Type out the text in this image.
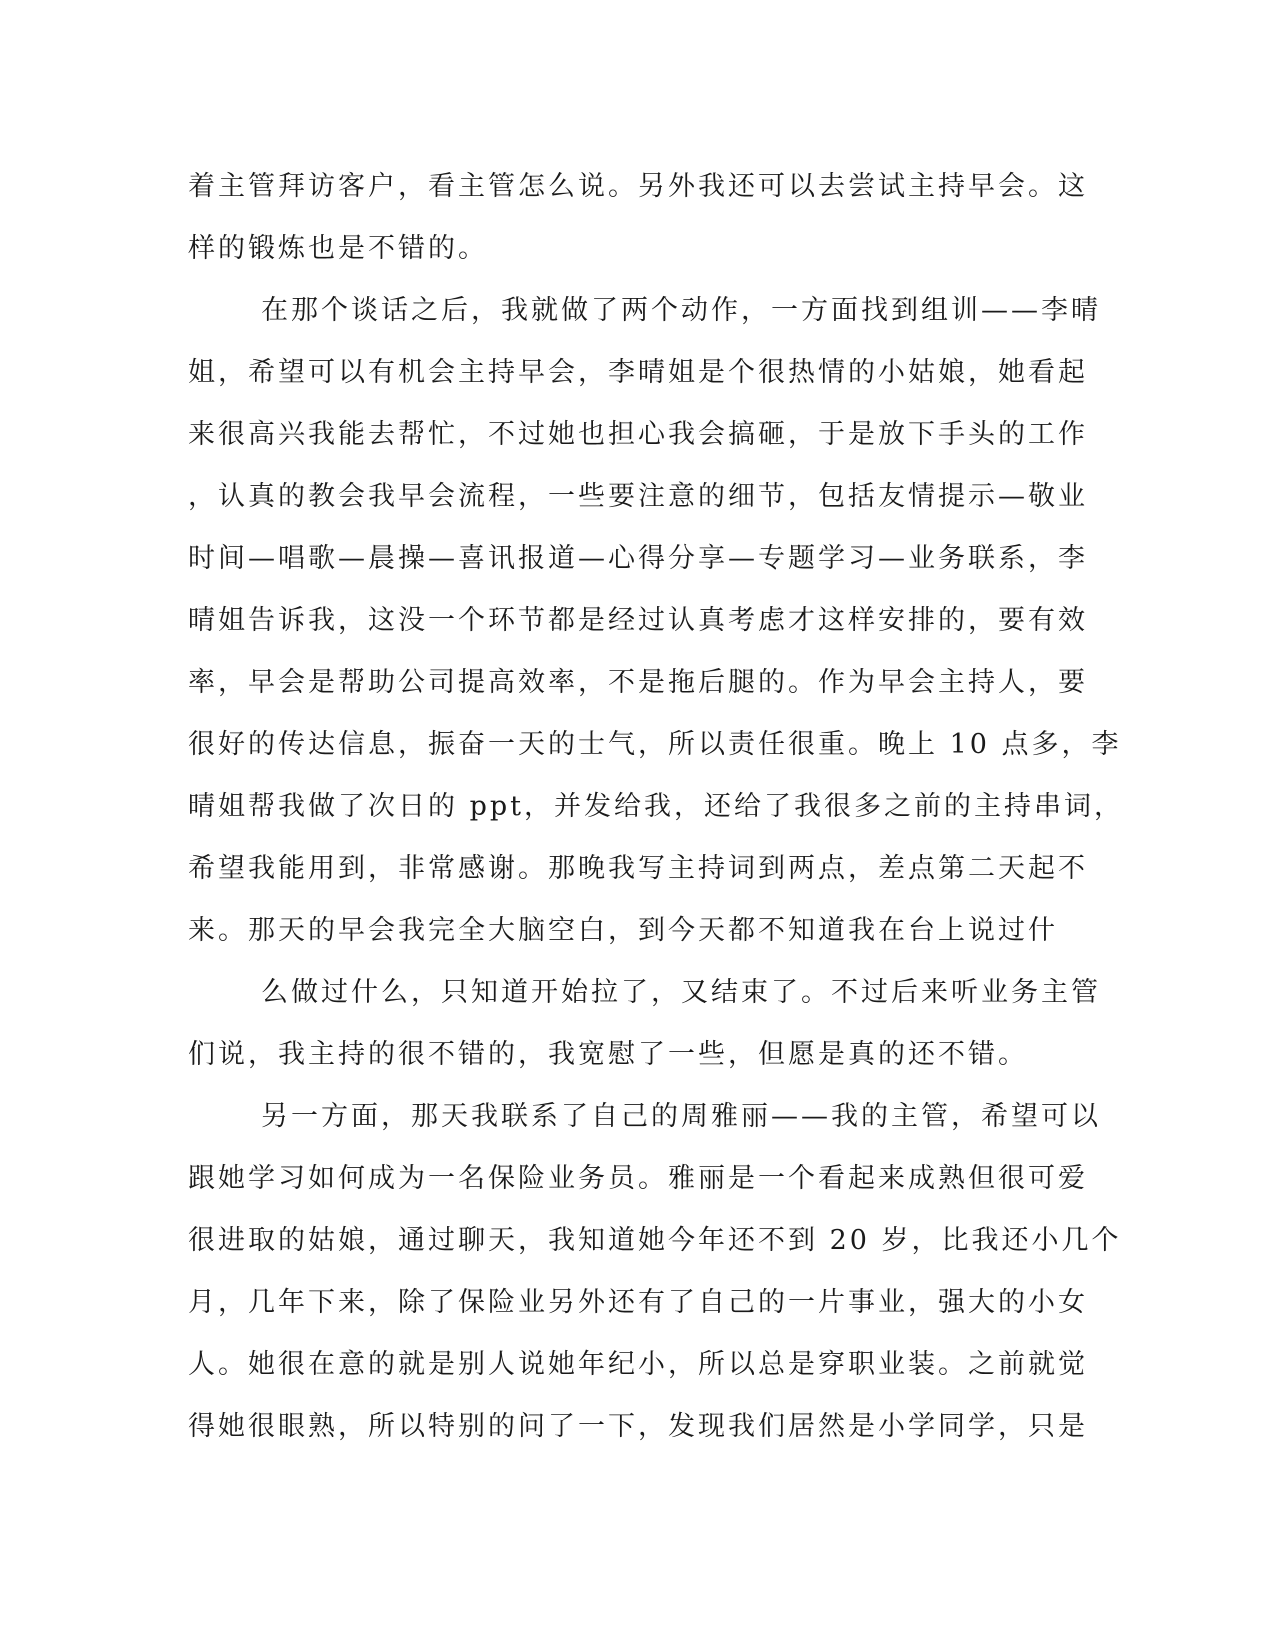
着主管拜访客户，看主管怎么说。另外我还可以去尝试主持早会。这
样的锻炼也是不错的。
在那个谈话之后，我就做了两个动作，一方面找到组训——李晴
姐，希望可以有机会主持早会，李晴姐是个很热情的小姑娘，她看起
来很高兴我能去帮忙，不过她也担心我会搞砸，于是放下手头的工作
，认真的教会我早会流程，一些要注意的细节，包括友情提示—敬业
时间—唱歌—晨操—喜讯报道—心得分享—专题学习—业务联系，李
晴姐告诉我，这没一个环节都是经过认真考虑才这样安排的，要有效
率，早会是帮助公司提高效率，不是拖后腿的。作为早会主持人，要
很好的传达信息，振奋一天的士气，所以责任很重。晚上 10 点多，李
晴姐帮我做了次日的 ppt，并发给我，还给了我很多之前的主持串词，
希望我能用到，非常感谢。那晚我写主持词到两点，差点第二天起不
来。那天的早会我完全大脑空白，到今天都不知道我在台上说过什
么做过什么，只知道开始拉了，又结束了。不过后来听业务主管
们说，我主持的很不错的，我宽慰了一些，但愿是真的还不错。
另一方面，那天我联系了自己的周雅丽——我的主管，希望可以
跟她学习如何成为一名保险业务员。雅丽是一个看起来成熟但很可爱
很进取的姑娘，通过聊天，我知道她今年还不到 20 岁，比我还小几个
月，几年下来，除了保险业另外还有了自己的一片事业，强大的小女
人。她很在意的就是别人说她年纪小，所以总是穿职业装。之前就觉
得她很眼熟，所以特别的问了一下，发现我们居然是小学同学，只是
